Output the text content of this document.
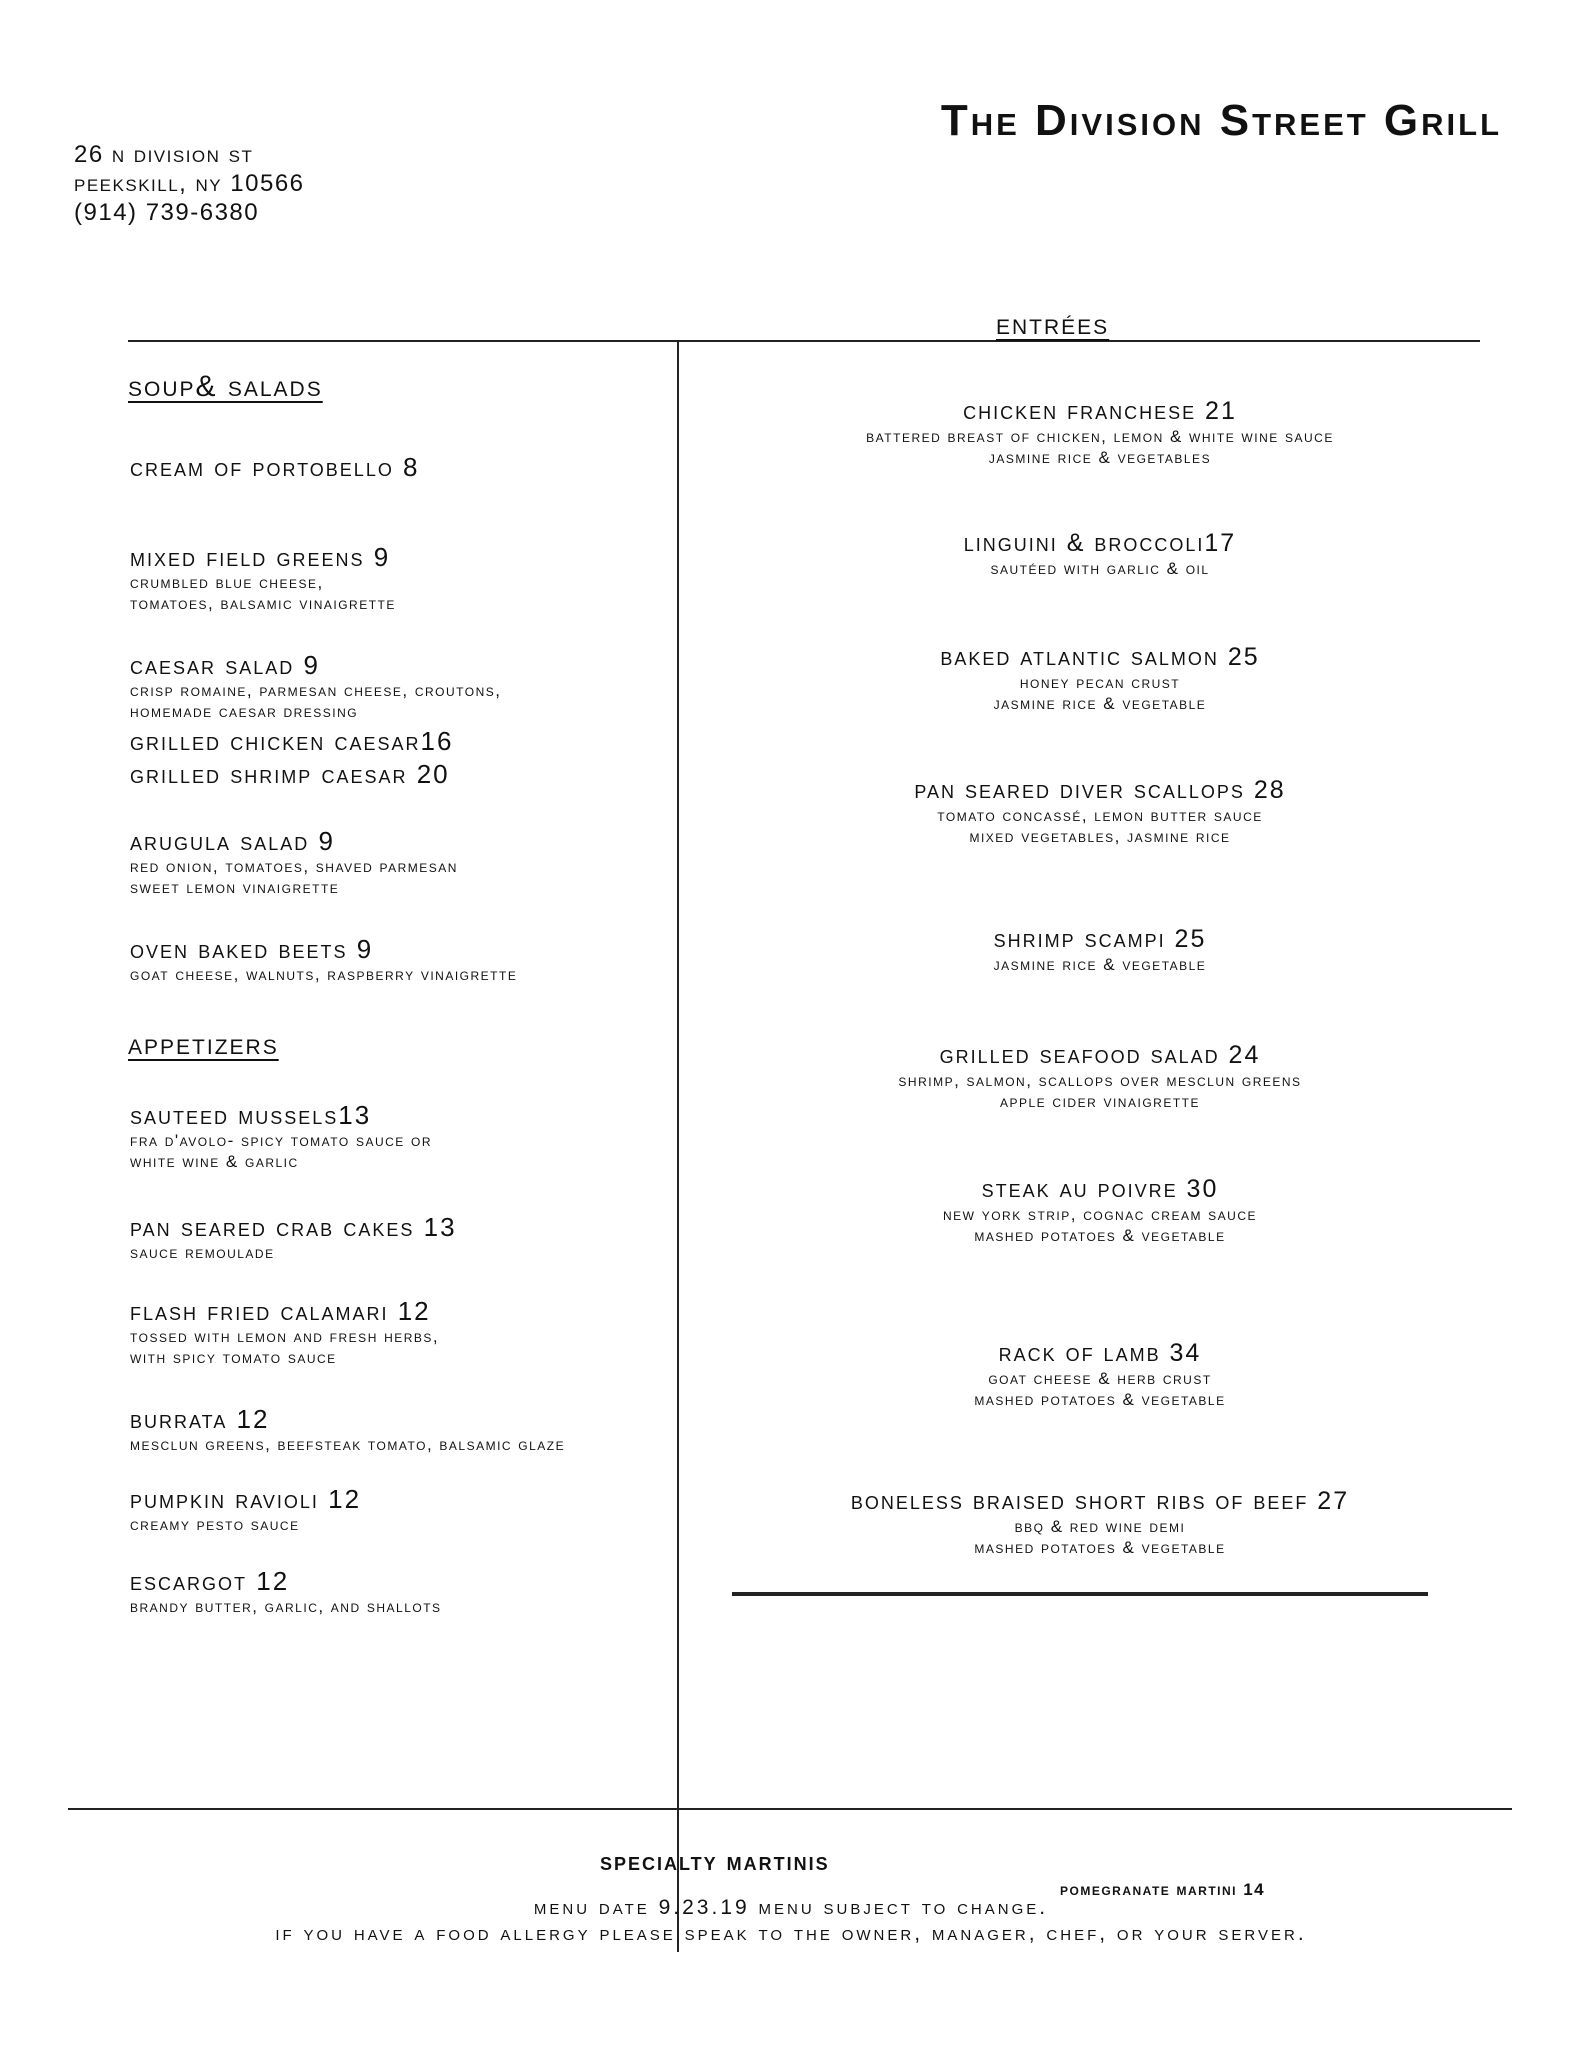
The Division Street Grill
26 n division st
peekskill, ny 10566
(914) 739-6380
soup& salads
appetizers
entrées
cream of portobello 8
mixed field greens 9
crumbled blue cheese,
tomatoes, balsamic vinaigrette
caesar salad 9
crisp romaine, parmesan cheese, croutons,
homemade caesar dressing
grilled chicken caesar16
grilled shrimp caesar 20
arugula salad 9
red onion, tomatoes, shaved parmesan
sweet lemon vinaigrette
oven baked beets 9
goat cheese, walnuts, raspberry vinaigrette
sauteed mussels13
fra d'avolo- spicy tomato sauce or
white wine & garlic
pan seared crab cakes 13
sauce remoulade
flash fried calamari 12
tossed with lemon and fresh herbs,
with spicy tomato sauce
burrata 12
mesclun greens, beefsteak tomato, balsamic glaze
pumpkin ravioli 12
creamy pesto sauce
escargot 12
brandy butter, garlic, and shallots
chicken franchese 21
battered breast of chicken, lemon & white wine sauce
jasmine rice & vegetables
linguini & broccoli17
sautéed with garlic & oil
baked atlantic salmon 25
honey pecan crust
jasmine rice & vegetable
pan seared diver scallops 28
tomato concassé, lemon butter sauce
mixed vegetables, jasmine rice
shrimp scampi 25
jasmine rice & vegetable
grilled seafood salad 24
shrimp, salmon, scallops over mesclun greens
apple cider vinaigrette
steak au poivre 30
new york strip, cognac cream sauce
mashed potatoes & vegetable
rack of lamb 34
goat cheese & herb crust
mashed potatoes & vegetable
boneless braised short ribs of beef 27
bbq & red wine demi
mashed potatoes & vegetable
specialty martinis
pomegranate martini 14
menu date 9.23.19 menu subject to change.
if you have a food allergy please speak to the owner, manager, chef, or your server.
